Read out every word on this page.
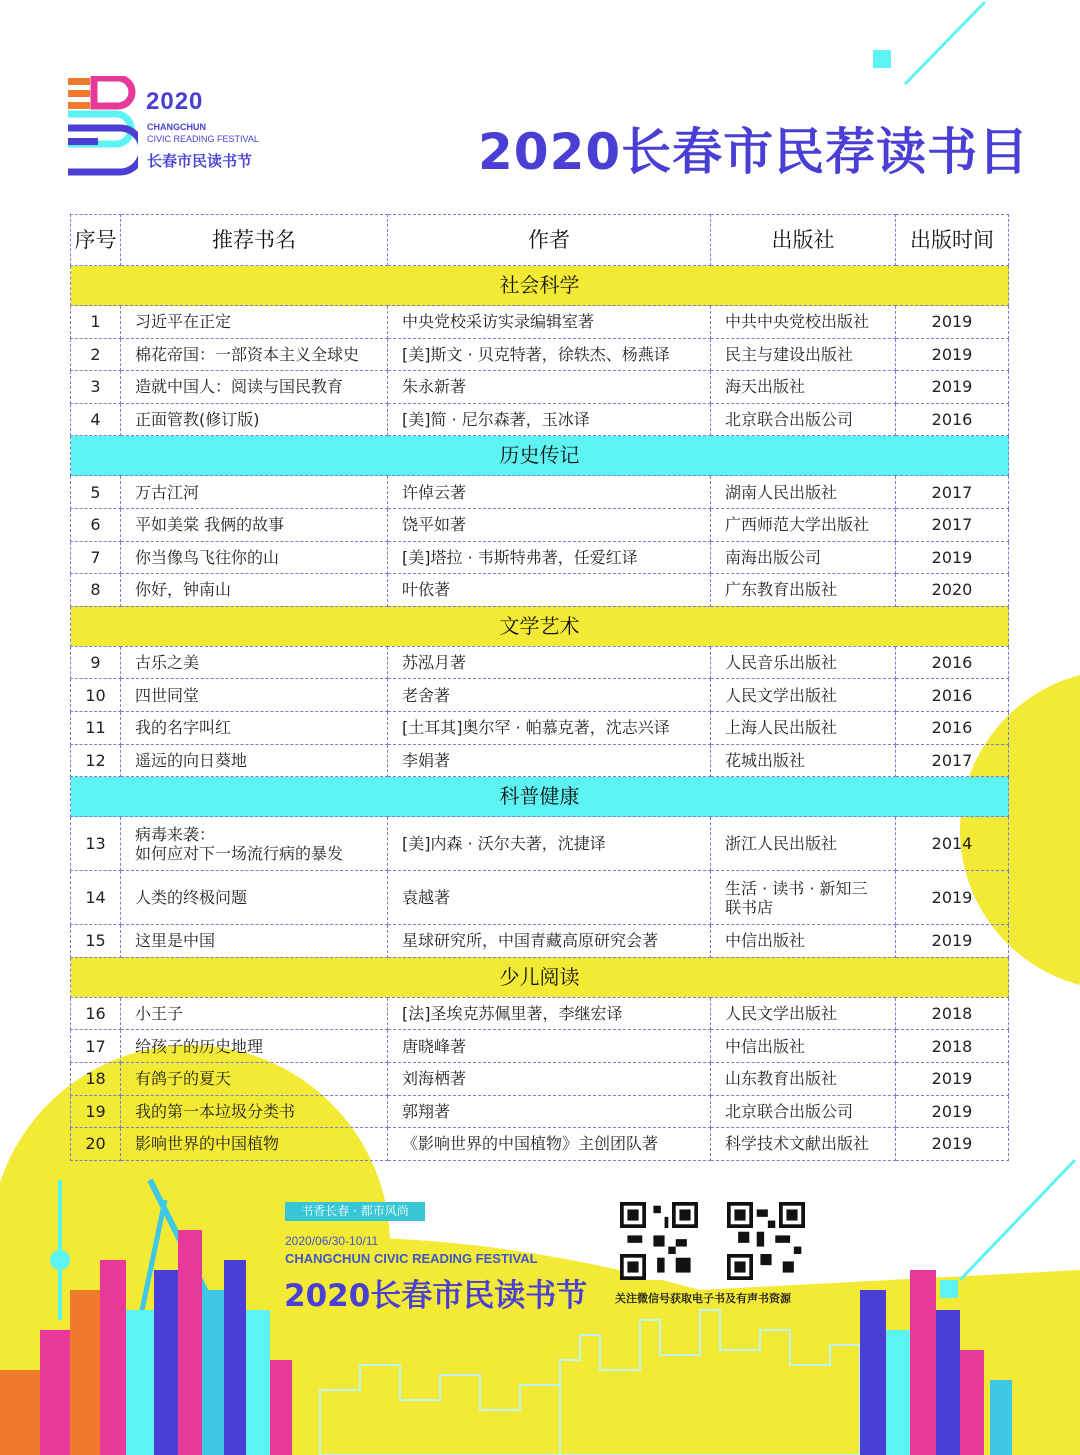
2020
CHANGCHUN
CIVIC READING FESTIVAL
长春市民读书节	2020长春市民荐读书目
序号	推荐书名	作者	出版社	出版时间
社会科学				

1	习近平在正定	中央党校采访实录编辑室著	中共中央党校出版社	2019

2	棉花帝国：一部资本主义全球史	[美]斯文 · 贝克特著，徐轶杰、杨燕译	民主与建设出版社	2019

3	造就中国人：阅读与国民教育	朱永新著	海天出版社	2019

4	正面管教(修订版)	[美]简 · 尼尔森著，玉冰译	北京联合出版公司	2016

历史传记				

5	万古江河	许倬云著	湖南人民出版社	2017

6	平如美棠 我俩的故事	饶平如著	广西师范大学出版社	2017

7	你当像鸟飞往你的山	[美]塔拉 · 韦斯特弗著，任爱红译	南海出版公司	2019

8	你好，钟南山	叶依著	广东教育出版社	2020

文学艺术				

9	古乐之美	苏泓月著	人民音乐出版社	2016

10	四世同堂	老舍著	人民文学出版社	2016

11	我的名字叫红	[土耳其]奥尔罕 · 帕慕克著，沈志兴译	上海人民出版社	2016

12	遥远的向日葵地	李娟著	花城出版社	2017

科普健康				

13	病毒来袭：
如何应对下一场流行病的暴发	[美]内森 · 沃尔夫著，沈捷译	浙江人民出版社	2014

14	人类的终极问题	袁越著	生活 · 读书 · 新知三
联书店	2019

15	这里是中国	星球研究所，中国青藏高原研究会著	中信出版社	2019

少儿阅读				

16	小王子	[法]圣埃克苏佩里著，李继宏译	人民文学出版社	2018

17	给孩子的历史地理	唐晓峰著	中信出版社	2018

18	有鸽子的夏天	刘海栖著	山东教育出版社	2019

19	我的第一本垃圾分类书	郭翔著	北京联合出版公司	2019

20	影响世界的中国植物	《影响世界的中国植物》主创团队著	科学技术文献出版社	2019
书香长春 · 都市风尚
2020/06/30-10/11
CHANGCHUN CIVIC READING FESTIVAL
2020长春市民读书节	关注微信号获取电子书及有声书资源
